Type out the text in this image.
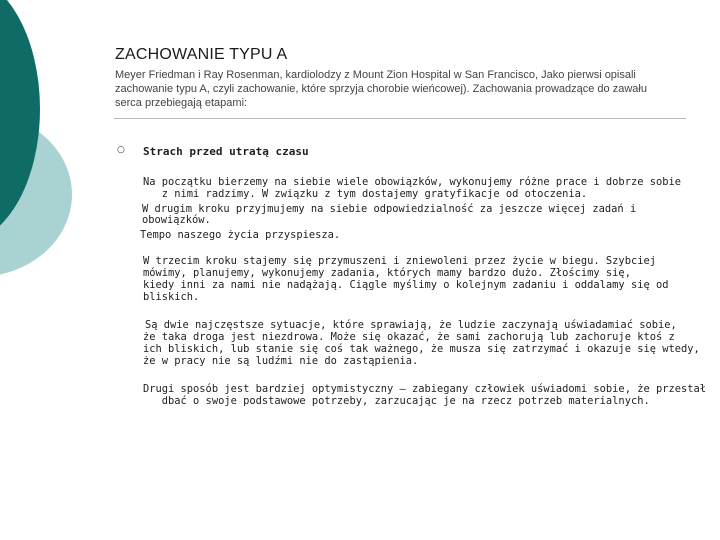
ZACHOWANIE TYPU A
Meyer Friedman i Ray Rosenman, kardiolodzy z Mount Zion Hospital w San Francisco, Jako pierwsi opisali zachowanie typu A, czyli zachowanie, które sprzyja chorobie wieńcowej). Zachowania prowadzące do zawału serca przebiegają etapami:
○ Strach przed utratą czasu

Na początku bierzemy na siebie wiele obowiązków, wykonujemy różne prace i dobrze sobie

z nimi radzimy. W związku z tym dostajemy gratyfikacje od otoczenia.

W drugim kroku przyjmujemy na siebie odpowiedzialność za jeszcze więcej zadań i

obowiązków.

Tempo naszego życia przyspiesza.

W trzecim kroku stajemy się przymuszeni i zniewoleni przez życie w biegu. Szybciej

mówimy, planujemy, wykonujemy zadania, których mamy bardzo dużo. Złościmy się,

kiedy inni za nami nie nadążają. Ciągle myślimy o kolejnym zadaniu i oddalamy się od

bliskich.

Są dwie najczęstsze sytuacje, które sprawiają, że ludzie zaczynają uświadamiać sobie,

że taka droga jest niezdrowa. Może się okazać, że sami zachorują lub zachoruje ktoś z

ich bliskich, lub stanie się coś tak ważnego, że musza się zatrzymać i okazuje się wtedy,

że w pracy nie są ludźmi nie do zastąpienia.

Drugi sposób jest bardziej optymistyczny – zabiegany człowiek uświadomi sobie, że przestał

dbać o swoje podstawowe potrzeby, zarzucając je na rzecz potrzeb materialnych.
